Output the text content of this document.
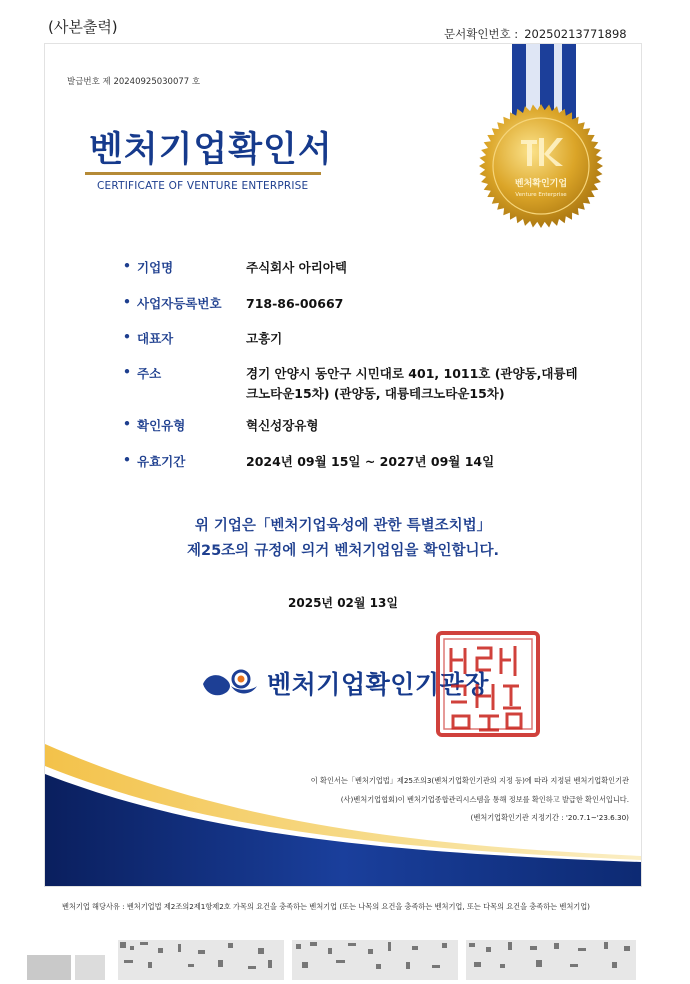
(사본출력)	문서확인번호 : 20250213771898
발급번호 제 20240925030077 호
벤처확인기업
Venture Enterprise
벤처기업확인서
CERTIFICATE OF VENTURE ENTERPRISE
• 기업명	주식회사 아리아텍
• 사업자등록번호 718-86-00667
• 대표자	고흥기
• 주소	경기 안양시 동안구 시민대로 401, 1011호 (관양동,대륭테크노타운15차) (관양동, 대륭테크노타운15차)
• 확인유형	혁신성장유형
• 유효기간	2024년 09월 15일 ~ 2027년 09월 14일
위 기업은「벤처기업육성에 관한 특별조치법」
제25조의 규정에 의거 벤처기업임을 확인합니다.
2025년 02월 13일
벤처기업확인기관장
이 확인서는「벤처기업법」제25조의3(벤처기업확인기관의 지정 등)에 따라 지정된 벤처기업확인기관
(사)벤처기업협회)이 벤처기업종합관리시스템을 통해 정보를 확인하고 발급한 확인서입니다.
(벤처기업확인기관 지정기간 : '20.7.1~'23.6.30)
벤처기업 해당사유 : 벤처기업법 제2조의2제1항제2호 가목의 요건을 충족하는 벤처기업 (또는 나목의 요건을 충족하는 벤처기업, 또는 다목의 요건을 충족하는 벤처기업)
